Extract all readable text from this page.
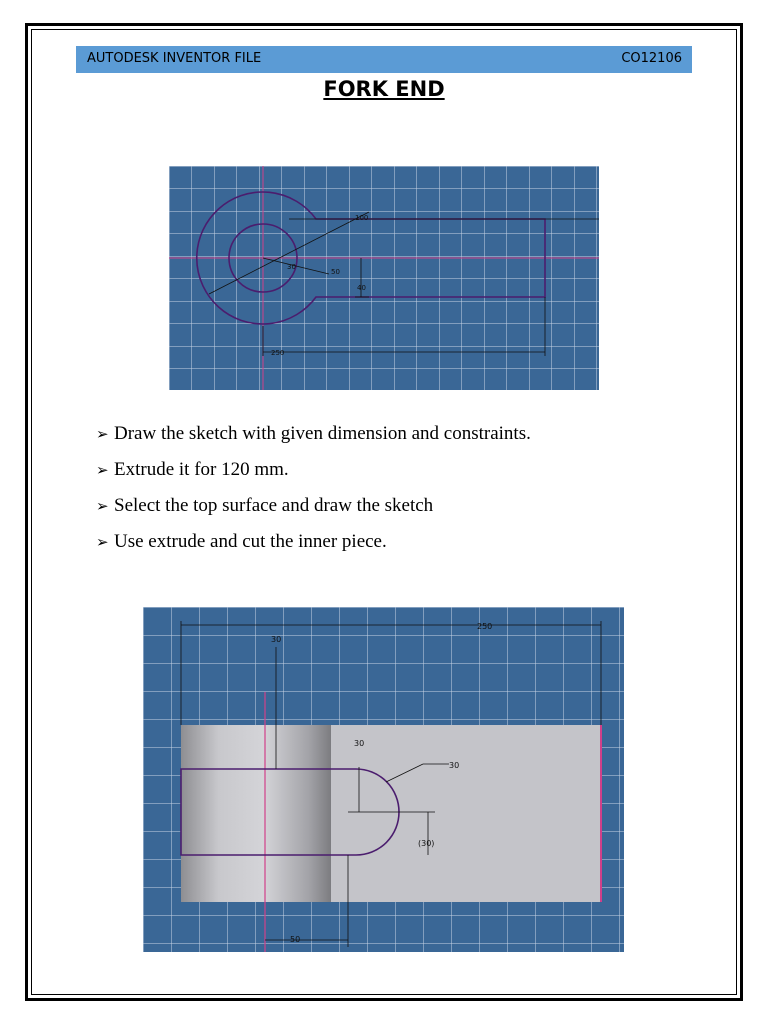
AUTODESK INVENTOR FILE	CO12106
FORK END
100
50
30
40
250
➢ Draw the sketch with given dimension and constraints.
➢ Extrude it for 120 mm.
➢ Select the top surface and draw the sketch
➢ Use extrude and cut the inner piece.
250
30
30
30
(30)
50
